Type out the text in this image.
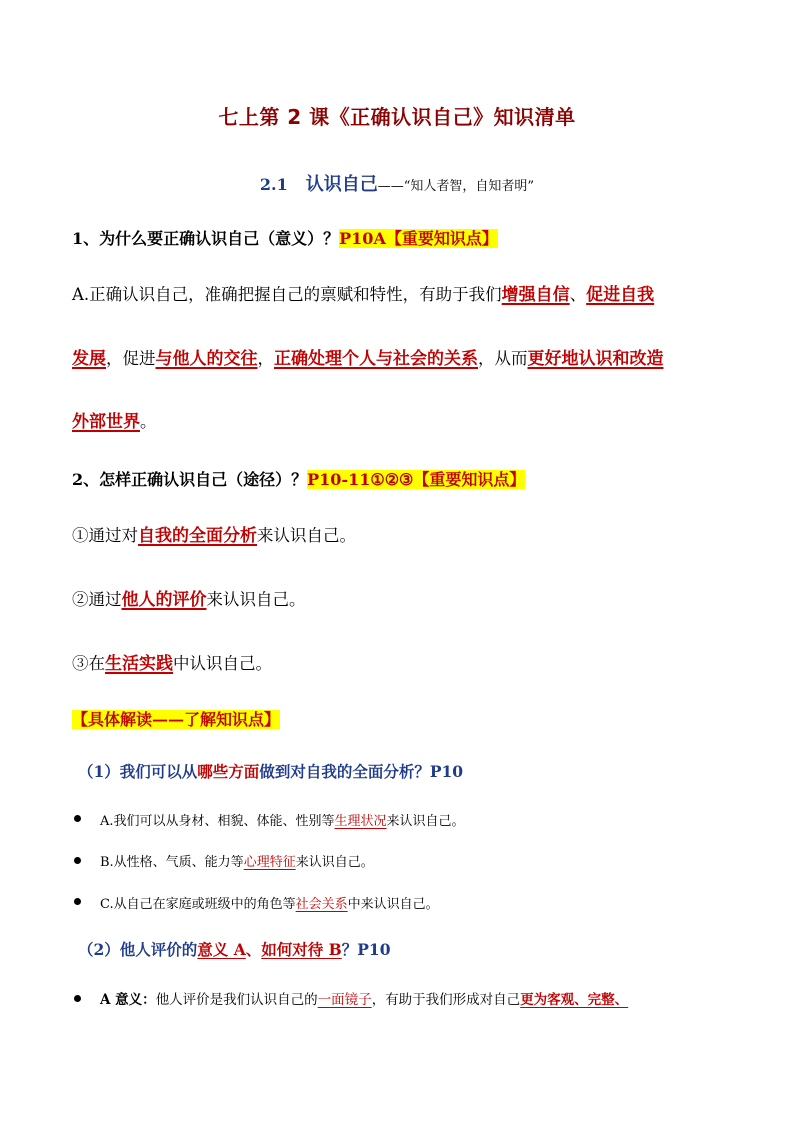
七上第 2 课《正确认识自己》知识清单
2.1 认识自己——“知人者智，自知者明”
1、为什么要正确认识自己（意义）？P10A【重要知识点】
A.正确认识自己，准确把握自己的禀赋和特性，有助于我们增强自信、促进自我
发展，促进与他人的交往，正确处理个人与社会的关系，从而更好地认识和改造
外部世界。
2、怎样正确认识自己（途径）？P10-11①②③【重要知识点】
①通过对自我的全面分析来认识自己。
②通过他人的评价来认识自己。
③在生活实践中认识自己。
【具体解读——了解知识点】
（1）我们可以从哪些方面做到对自我的全面分析？P10
A.我们可以从身材、相貌、体能、性别等生理状况来认识自己。
B.从性格、气质、能力等心理特征来认识自己。
C.从自己在家庭或班级中的角色等社会关系中来认识自己。
（2）他人评价的意义 A、如何对待 B？P10
A 意义：他人评价是我们认识自己的一面镜子，有助于我们形成对自己更为客观、完整、
